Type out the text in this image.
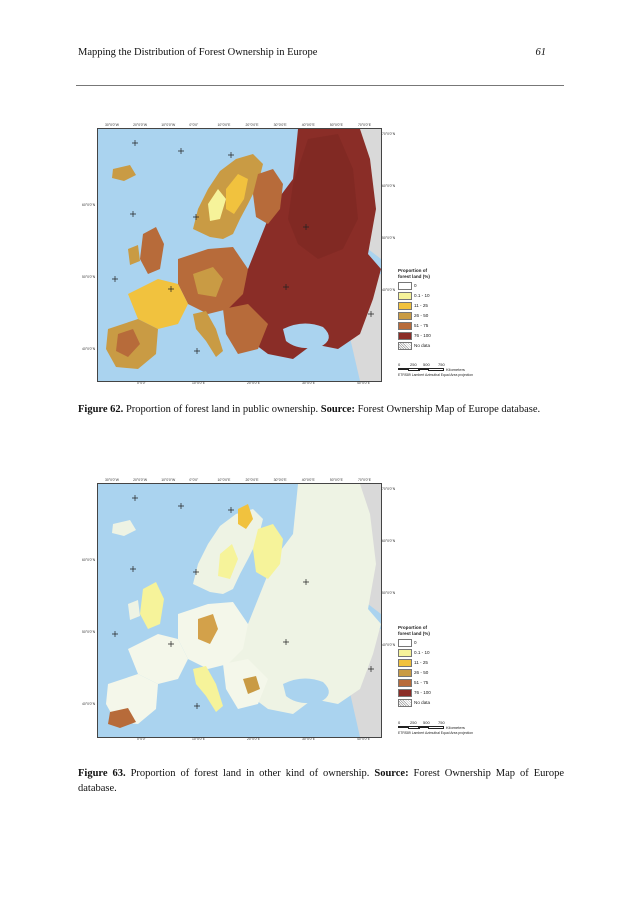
Mapping the Distribution of Forest Ownership in Europe	61
Proportion of
forest land (%)
0
0.1 - 10
11 - 25
26 - 50
51 - 75
76 - 100
No data
0 250 500 750
Kilometers
ETRS89 Lambert Azimuthal Equal Area projection
Figure 62. Proportion of forest land in public ownership. Source: Forest Ownership Map of Europe database.
Proportion of
forest land (%)
0
0.1 - 10
11 - 25
26 - 50
51 - 75
76 - 100
No data
0 250 500 750
Kilometers
ETRS89 Lambert Azimuthal Equal Area projection
Figure 63. Proportion of forest land in other kind of ownership. Source: Forest Ownership Map of Europe database.
30°0'0"W	20°0'0"W	10°0'0"W	0°0'0"	10°0'0"E	20°0'0"E	30°0'0"E	40°0'0"E	50°0'0"E	70°0'0"E
0°0'0"	10°0'0"E	20°0'0"E	30°0'0"E	40°0'0"E
60°0'0"N
50°0'0"N
40°0'0"N
70°0'0"N
60°0'0"N
50°0'0"N
40°0'0"N
30°0'0"W	20°0'0"W	10°0'0"W	0°0'0"	10°0'0"E	20°0'0"E	30°0'0"E	40°0'0"E	50°0'0"E	70°0'0"E
0°0'0"	10°0'0"E	20°0'0"E	30°0'0"E	40°0'0"E
60°0'0"N
50°0'0"N
40°0'0"N
70°0'0"N
60°0'0"N
50°0'0"N
40°0'0"N
